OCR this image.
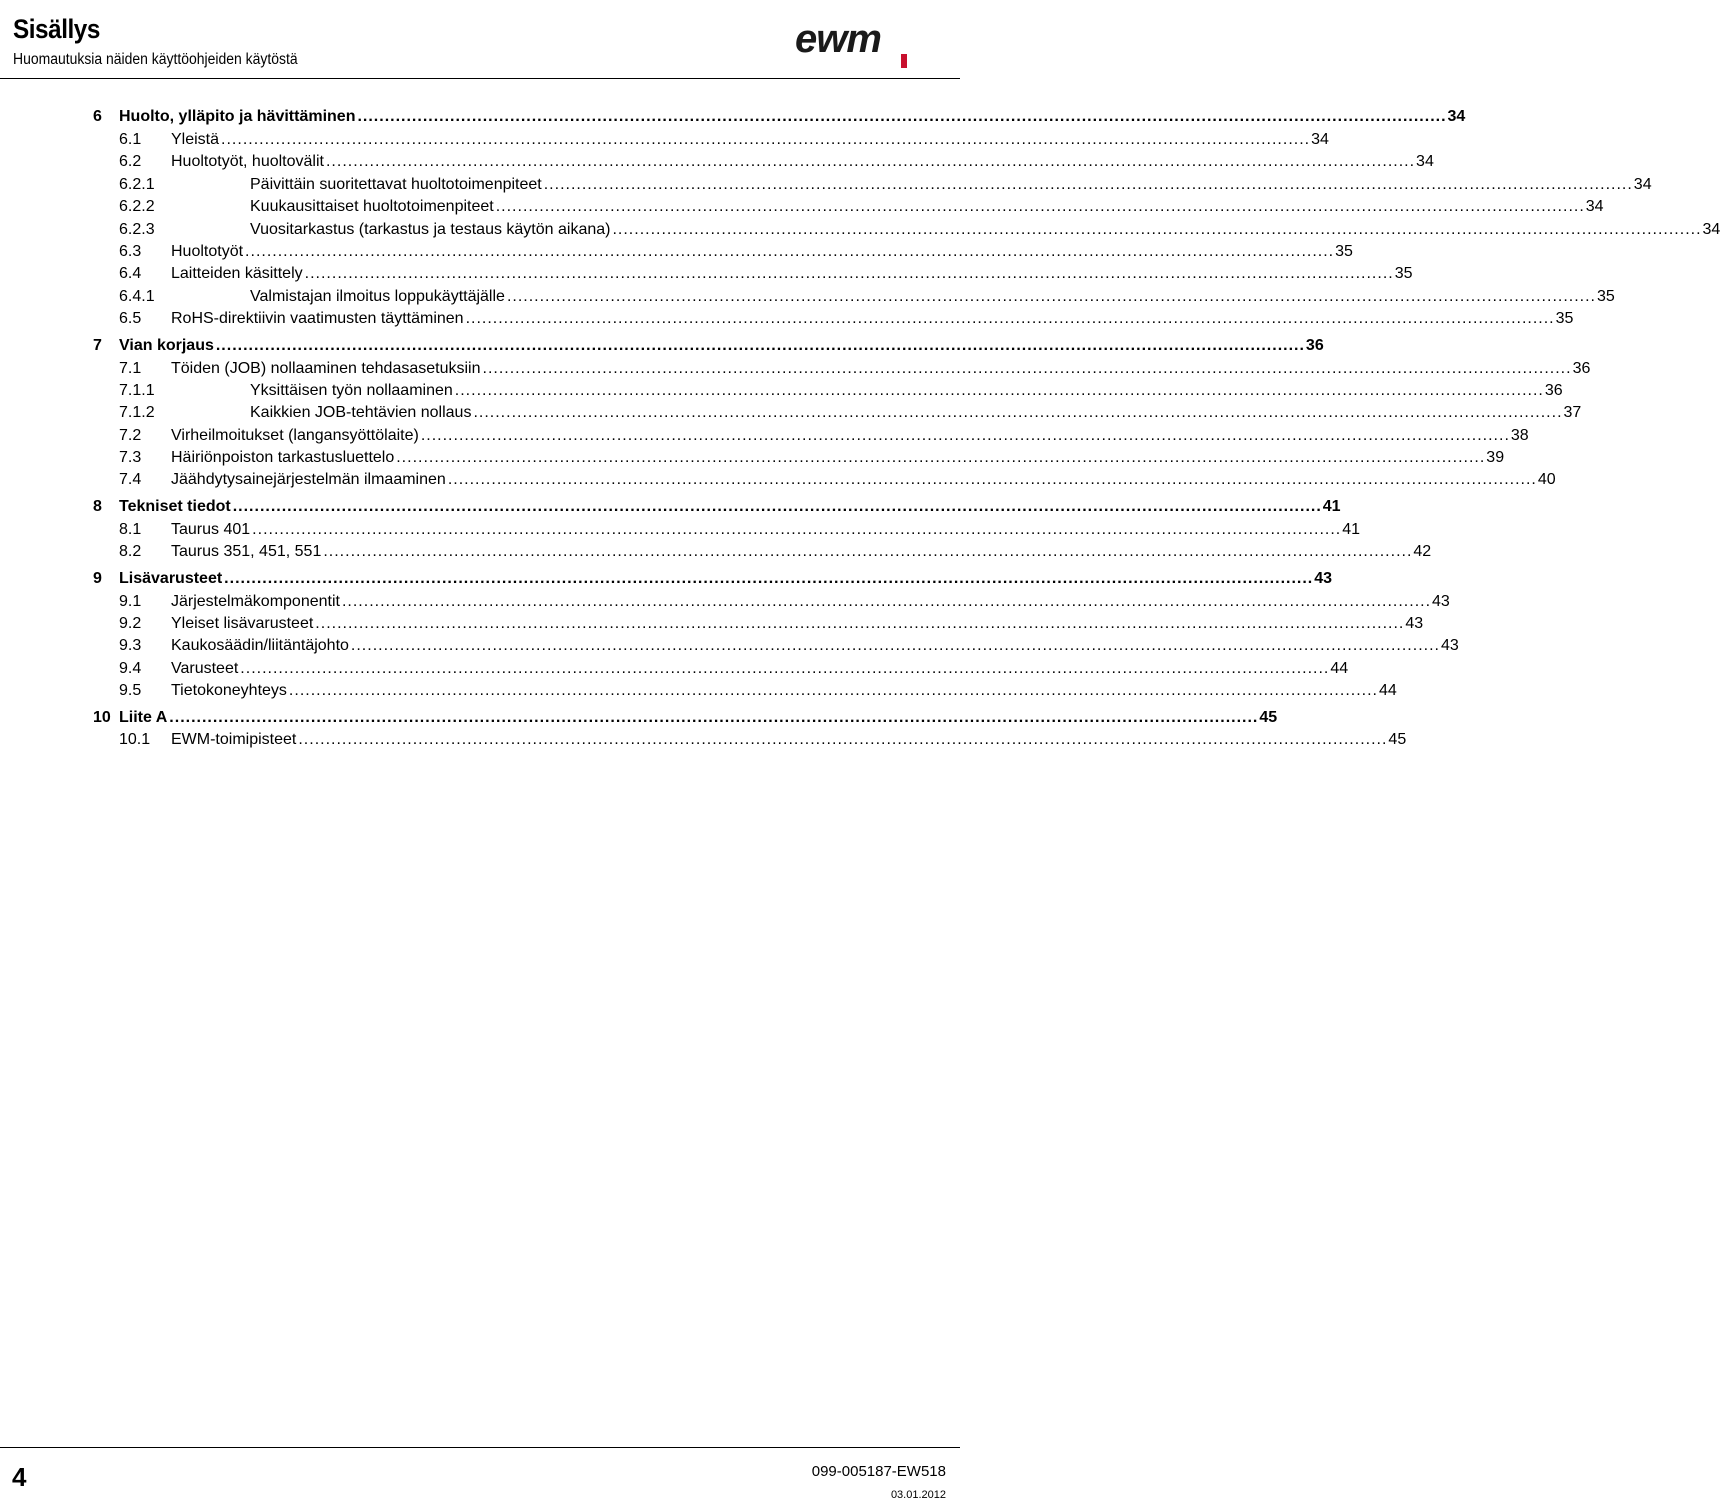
Sisällys
Huomautuksia näiden käyttöohjeiden käytöstä	ewm
6 Huolto, ylläpito ja hävittäminen ........................................................................................................................................................................................................ 34
6.1 Yleistä ........................................................................................................................................................................................................ 34
6.2 Huoltotyöt, huoltovälit ........................................................................................................................................................................................................ 34
6.2.1	Päivittäin suoritettavat huoltotoimenpiteet ........................................................................................................................................................................................................ 34
6.2.2	Kuukausittaiset huoltotoimenpiteet ........................................................................................................................................................................................................ 34
6.2.3	Vuositarkastus (tarkastus ja testaus käytön aikana) ........................................................................................................................................................................................................ 34
6.3 Huoltotyöt ........................................................................................................................................................................................................ 35
6.4 Laitteiden käsittely ........................................................................................................................................................................................................ 35
6.4.1	Valmistajan ilmoitus loppukäyttäjälle ........................................................................................................................................................................................................ 35
6.5 RoHS-direktiivin vaatimusten täyttäminen ........................................................................................................................................................................................................ 35
7 Vian korjaus ........................................................................................................................................................................................................ 36
7.1 Töiden (JOB) nollaaminen tehdasasetuksiin ........................................................................................................................................................................................................ 36
7.1.1	Yksittäisen työn nollaaminen ........................................................................................................................................................................................................ 36
7.1.2	Kaikkien JOB-tehtävien nollaus ........................................................................................................................................................................................................ 37
7.2 Virheilmoitukset (langansyöttölaite) ........................................................................................................................................................................................................ 38
7.3 Häiriönpoiston tarkastusluettelo ........................................................................................................................................................................................................ 39
7.4 Jäähdytysainejärjestelmän ilmaaminen ........................................................................................................................................................................................................ 40
8 Tekniset tiedot ........................................................................................................................................................................................................ 41
8.1 Taurus 401 ........................................................................................................................................................................................................ 41
8.2 Taurus 351, 451, 551 ........................................................................................................................................................................................................ 42
9 Lisävarusteet ........................................................................................................................................................................................................ 43
9.1 Järjestelmäkomponentit ........................................................................................................................................................................................................ 43
9.2 Yleiset lisävarusteet ........................................................................................................................................................................................................ 43
9.3 Kaukosäädin/liitäntäjohto ........................................................................................................................................................................................................ 43
9.4 Varusteet ........................................................................................................................................................................................................ 44
9.5 Tietokoneyhteys ........................................................................................................................................................................................................ 44
10 Liite A ........................................................................................................................................................................................................ 45
10.1 EWM-toimipisteet ........................................................................................................................................................................................................ 45
4	099-005187-EW518
03.01.2012
